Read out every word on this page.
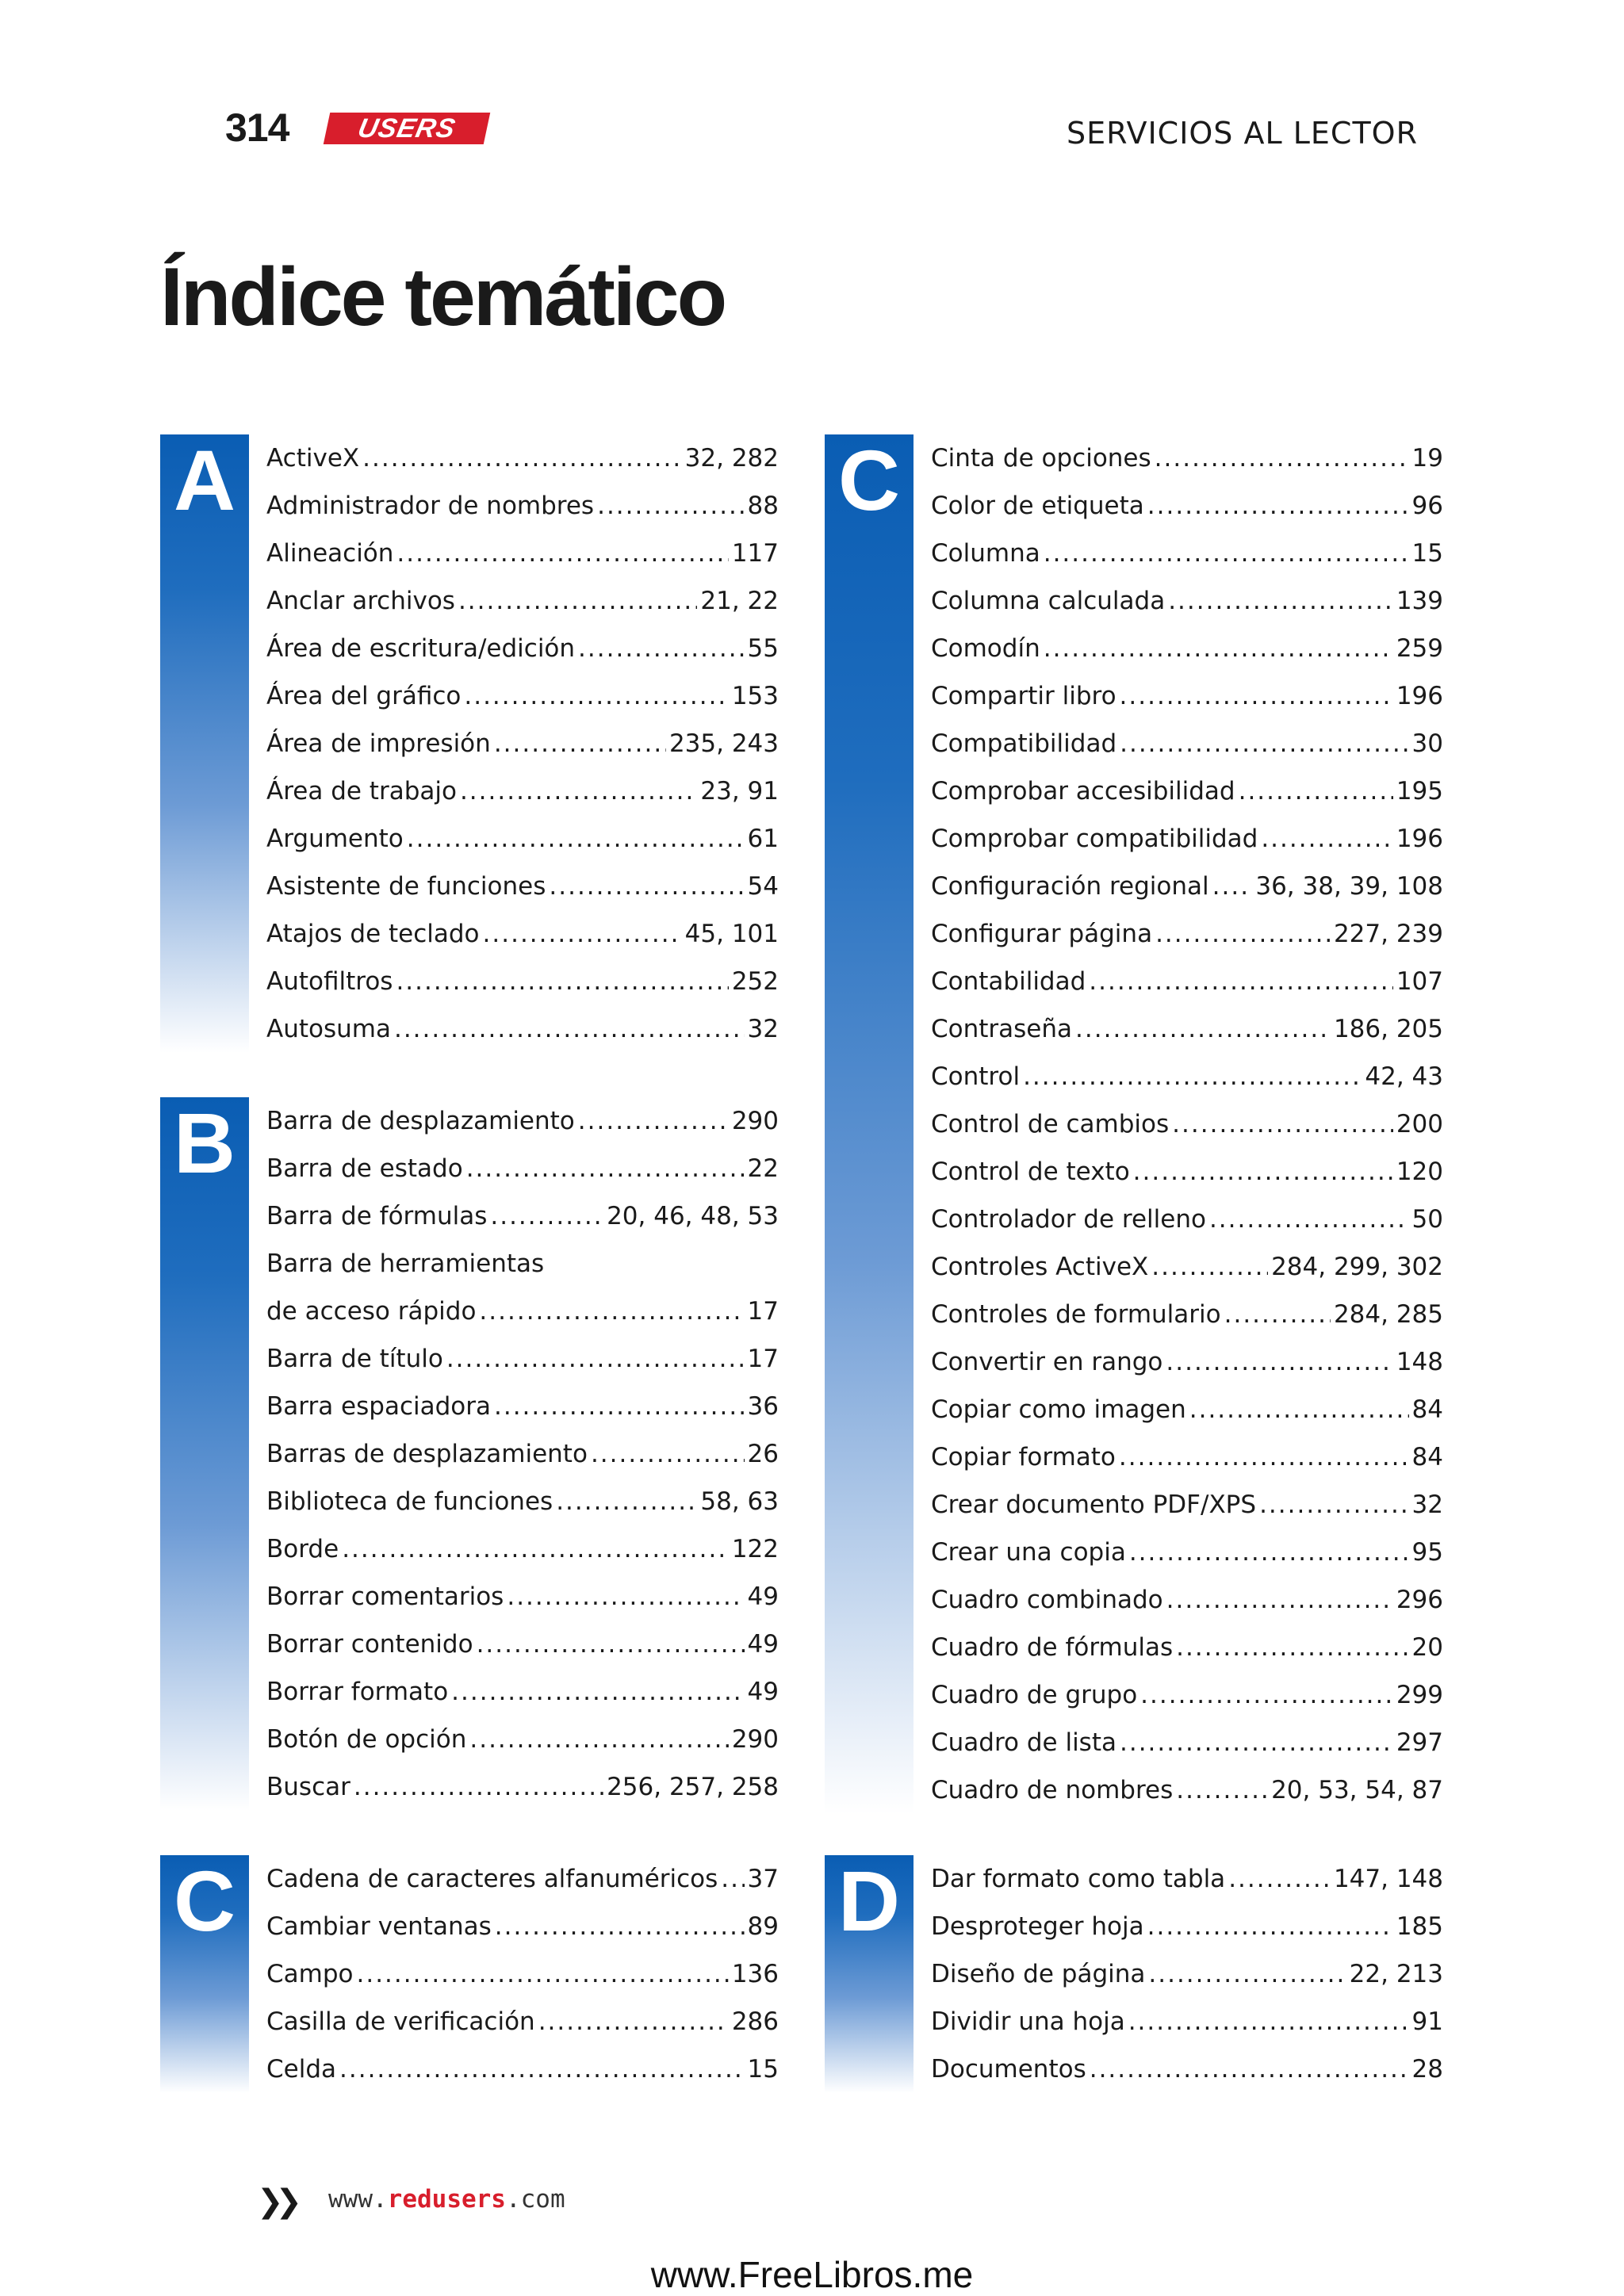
314 USERS	SERVICIOS AL LECTOR
Índice temático
A	ActiveX .....	32, 282
Administrador de nombres .....	88
Alineación .....	117
Anclar archivos .....	21, 22
Área de escritura/edición .....	55
Área del gráfico .....	153
Área de impresión .....	235, 243
Área de trabajo .....	23, 91
Argumento .....	61
Asistente de funciones .....	54
Atajos de teclado .....	45, 101
Autofiltros .....	252
Autosuma .....	32
B	Barra de desplazamiento .....	290
Barra de estado .....	22
Barra de fórmulas .....	20, 46, 48, 53
Barra de herramientas
de acceso rápido .....	17
Barra de título .....	17
Barra espaciadora .....	36
Barras de desplazamiento .....	26
Biblioteca de funciones .....	58, 63
Borde .....	122
Borrar comentarios .....	49
Borrar contenido .....	49
Borrar formato .....	49
Botón de opción .....	290
Buscar .....	256, 257, 258
C	Cadena de caracteres alfanuméricos ..... 37
Cambiar ventanas .....	89
Campo .....	136
Casilla de verificación .....	286
Celda .....	15
C	Cinta de opciones .....	19
Color de etiqueta .....	96
Columna .....	15
Columna calculada .....	139
Comodín .....	259
Compartir libro .....	196
Compatibilidad .....	30
Comprobar accesibilidad .....	195
Comprobar compatibilidad .....	196
Configuración regional ..... 36, 38, 39, 108
Configurar página .....	227, 239
Contabilidad .....	107
Contraseña .....	186, 205
Control .....	42, 43
Control de cambios .....	200
Control de texto .....	120
Controlador de relleno .....	50
Controles ActiveX .....	284, 299, 302
Controles de formulario .....	284, 285
Convertir en rango .....	148
Copiar como imagen .....	84
Copiar formato .....	84
Crear documento PDF/XPS .....	32
Crear una copia .....	95
Cuadro combinado .....	296
Cuadro de fórmulas .....	20
Cuadro de grupo .....	299
Cuadro de lista .....	297
Cuadro de nombres .....	20, 53, 54, 87
D	Dar formato como tabla .....	147, 148
Desproteger hoja .....	185
Diseño de página .....	22, 213
Dividir una hoja .....	91
Documentos .....	28
❯❯ www.redusers.com
www.FreeLibros.me
